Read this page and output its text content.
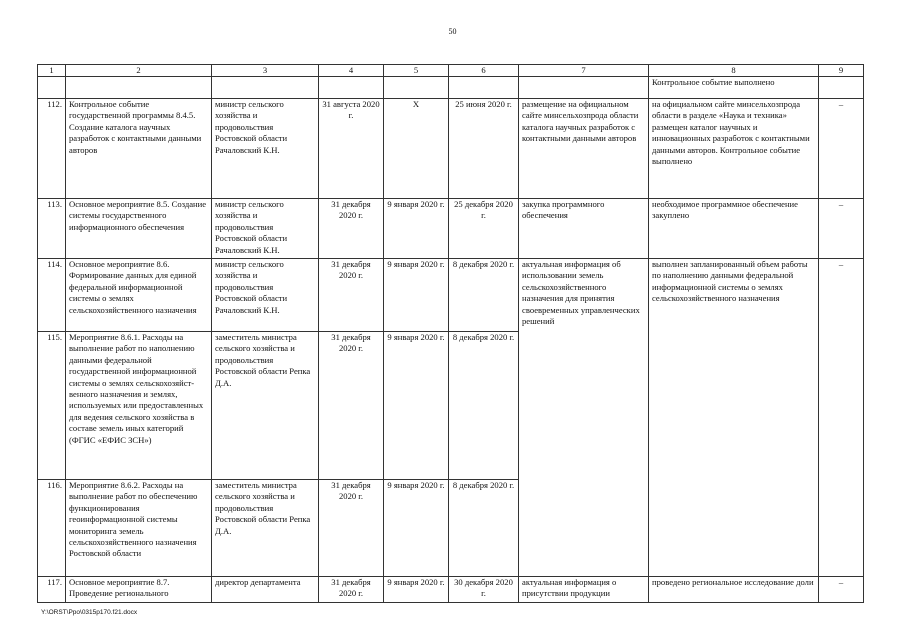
50
1	2	3	4	5	6	7	8	9
							Контрольное событие выполнено	
112.	Контрольное событие государственной программы 8.4.5. Создание каталога научных разработок с контактными данными авторов	министр сельского хозяйства и продовольствия Ростовской области Рачаловский К.Н.	31 августа 2020 г.	X	25 июня 2020 г.	размещение на официальном сайте минсельхозпрода области каталога научных разработок с контактными данными авторов	на официальном сайте минсельхозпрода области в разделе «Наука и техника» размещен каталог научных и инновационных разработок с контактными данными авторов. Контрольное событие выполнено	–
113.	Основное мероприятие 8.5. Создание системы государственного информационного обеспечения	министр сельского хозяйства и продовольствия Ростовской области Рачаловский К.Н.	31 декабря 2020 г.	9 января 2020 г.	25 декабря 2020 г.	закупка программного обеспечения	необходимое программное обеспечение закуплено	–
114.	Основное мероприятие 8.6. Формирование данных для единой федеральной информационной системы о землях сельскохозяйственного назначения	министр сельского хозяйства и продовольствия Ростовской области Рачаловский К.Н.	31 декабря 2020 г.	9 января 2020 г.	8 декабря 2020 г.	актуальная информация об использовании земель сельскохозяйственного назначения для принятия своевременных управленческих решений	выполнен запланированный объем работы по наполнению данными федеральной информационной системы о землях сельскохозяйственного назначения	–
115.	Мероприятие 8.6.1. Расходы на выполнение работ по наполнению данными федеральной государственной информационной системы о землях сельскохозяйст-венного назначения и землях, используемых или предоставленных для ведения сельского хозяйства в составе земель иных категорий (ФГИС «ЕФИС ЗСН»)	заместитель министра сельского хозяйства и продовольствия Ростовской области Репка Д.А.	31 декабря 2020 г.	9 января 2020 г.	8 декабря 2020 г.			
116.	Мероприятие 8.6.2. Расходы на выполнение работ по обеспечению функционирования геоинформационной системы мониторинга земель сельскохозяйственного назначения Ростовской области	заместитель министра сельского хозяйства и продовольствия Ростовской области Репка Д.А.	31 декабря 2020 г.	9 января 2020 г.	8 декабря 2020 г.			
117.	Основное мероприятие 8.7. Проведение регионального	директор департамента	31 декабря 2020 г.	9 января 2020 г.	30 декабря 2020 г.	актуальная информация о присутствии продукции	проведено региональное исследование доли	–
Y:\ORST\Ppo\0315p170.f21.docx
